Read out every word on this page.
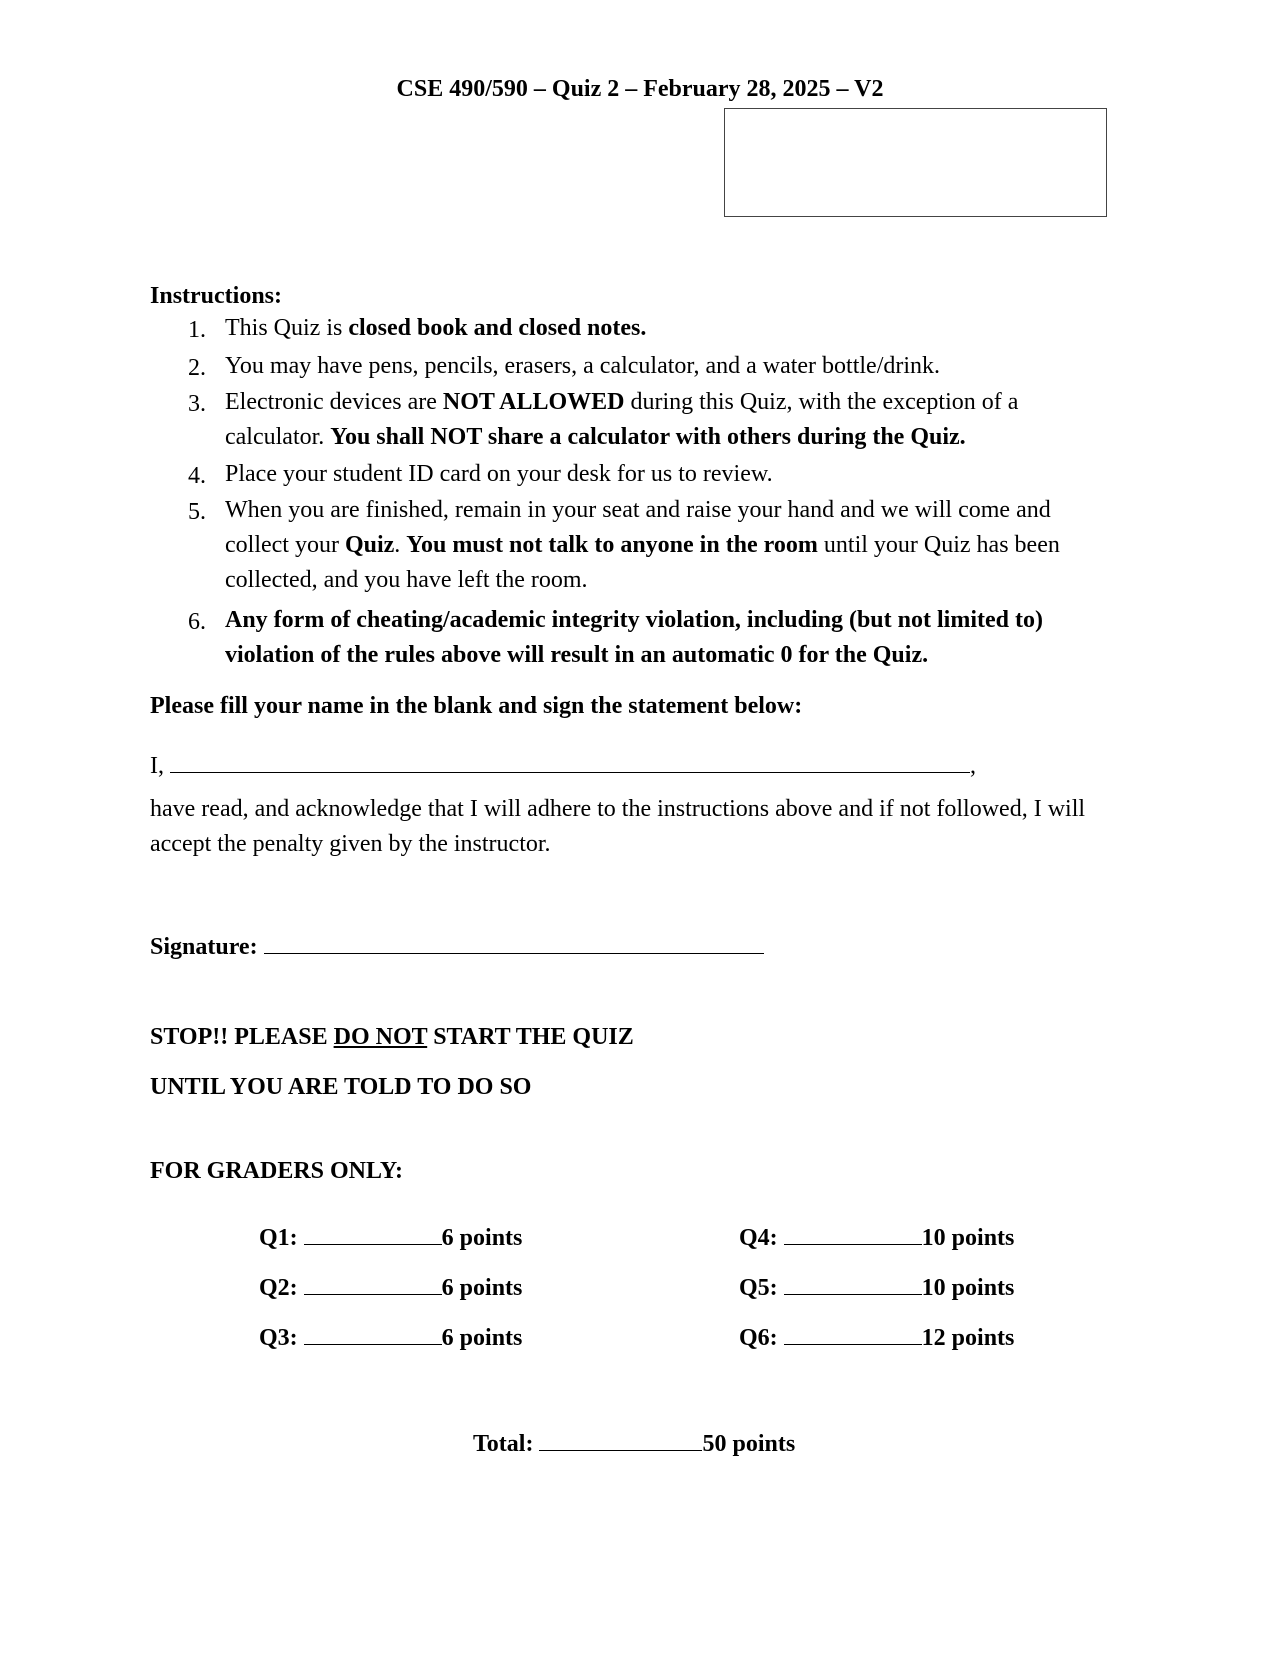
CSE 490/590 – Quiz 2 – February 28, 2025 – V2
Instructions:
1. This Quiz is closed book and closed notes.
2. You may have pens, pencils, erasers, a calculator, and a water bottle/drink.
3. Electronic devices are NOT ALLOWED during this Quiz, with the exception of a
calculator. You shall NOT share a calculator with others during the Quiz.
4. Place your student ID card on your desk for us to review.
5. When you are finished, remain in your seat and raise your hand and we will come and
collect your Quiz. You must not talk to anyone in the room until your Quiz has been
collected, and you have left the room.
6. Any form of cheating/academic integrity violation, including (but not limited to)
violation of the rules above will result in an automatic 0 for the Quiz.
Please fill your name in the blank and sign the statement below:
I,	,
have read, and acknowledge that I will adhere to the instructions above and if not followed, I will
accept the penalty given by the instructor.
Signature:
STOP!! PLEASE DO NOT START THE QUIZ
UNTIL YOU ARE TOLD TO DO SO
FOR GRADERS ONLY:
Q1:	6 points
Q2:	6 points
Q3:	6 points
Q4:	10 points
Q5:	10 points
Q6:	12 points
Total:	50 points
